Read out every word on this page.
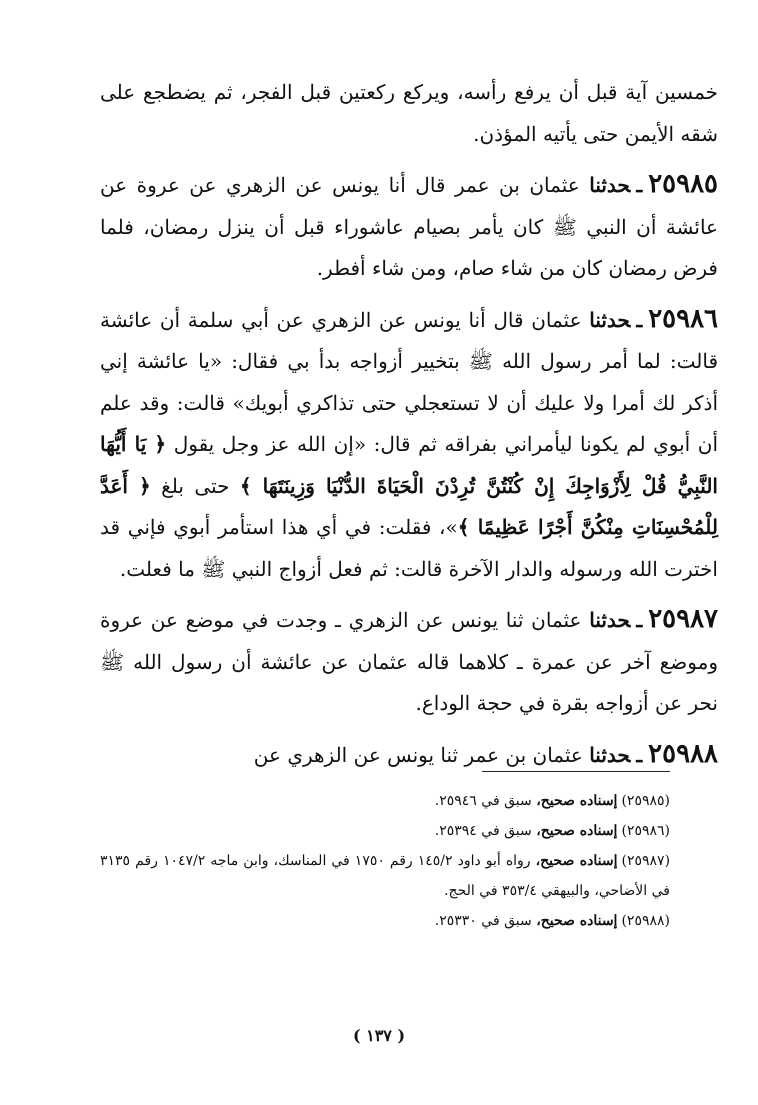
خمسين آية قبل أن يرفع رأسه، ويركع ركعتين قبل الفجر، ثم يضطجع على شقه الأيمن حتى يأتيه المؤذن.

٢٥٩٨٥ـحدثنا عثمان بن عمر قال أنا يونس عن الزهري عن عروة عن عائشة أن النبي ﷺ كان يأمر بصيام عاشوراء قبل أن ينزل رمضان، فلما فرض رمضان كان من شاء صام، ومن شاء أفطر.

٢٥٩٨٦ـحدثنا عثمان قال أنا يونس عن الزهري عن أبي سلمة أن عائشة قالت: لما أمر رسول الله ﷺ بتخيير أزواجه بدأ بي فقال: «يا عائشة إني أذكر لك أمرا ولا عليك أن لا تستعجلي حتى تذاكري أبويك» قالت: وقد علم أن أبوي لم يكونا ليأمراني بفراقه ثم قال: «إن الله عز وجل يقول ﴿ يَا أَيُّهَا النَّبِيُّ قُلْ لِأَزْوَاجِكَ إِنْ كُنْتُنَّ تُرِدْنَ الْحَيَاةَ الدُّنْيَا وَزِينَتَهَا ﴾ حتى بلغ ﴿ أَعَدَّ لِلْمُحْسِنَاتِ مِنْكُنَّ أَجْرًا عَظِيمًا ﴾»، فقلت: في أي هذا استأمر أبوي فإني قد اخترت الله ورسوله والدار الآخرة قالت: ثم فعل أزواج النبي ﷺ ما فعلت.

٢٥٩٨٧ـحدثنا عثمان ثنا يونس عن الزهري ـ وجدت في موضع عن عروة وموضع آخر عن عمرة ـ كلاهما قاله عثمان عن عائشة أن رسول الله ﷺ نحر عن أزواجه بقرة في حجة الوداع.

٢٥٩٨٨ـحدثنا عثمان بن عمر ثنا يونس عن الزهري عن

(٢٥٩٨٥)إسناده صحيح، سبق في ٢٥٩٤٦.

(٢٥٩٨٦)إسناده صحيح، سبق في ٢٥٣٩٤.

(٢٥٩٨٧)إسناده صحيح، رواه أبو داود ١٤٥/٢ رقم ١٧٥٠ في المناسك، وابن ماجه ١٠٤٧/٢ رقم ٣١٣٥ في الأضاحي، والبيهقي ٣٥٣/٤ في الحج.

(٢٥٩٨٨)إسناده صحيح، سبق في ٢٥٣٣٠.

( ١٣٧ )
